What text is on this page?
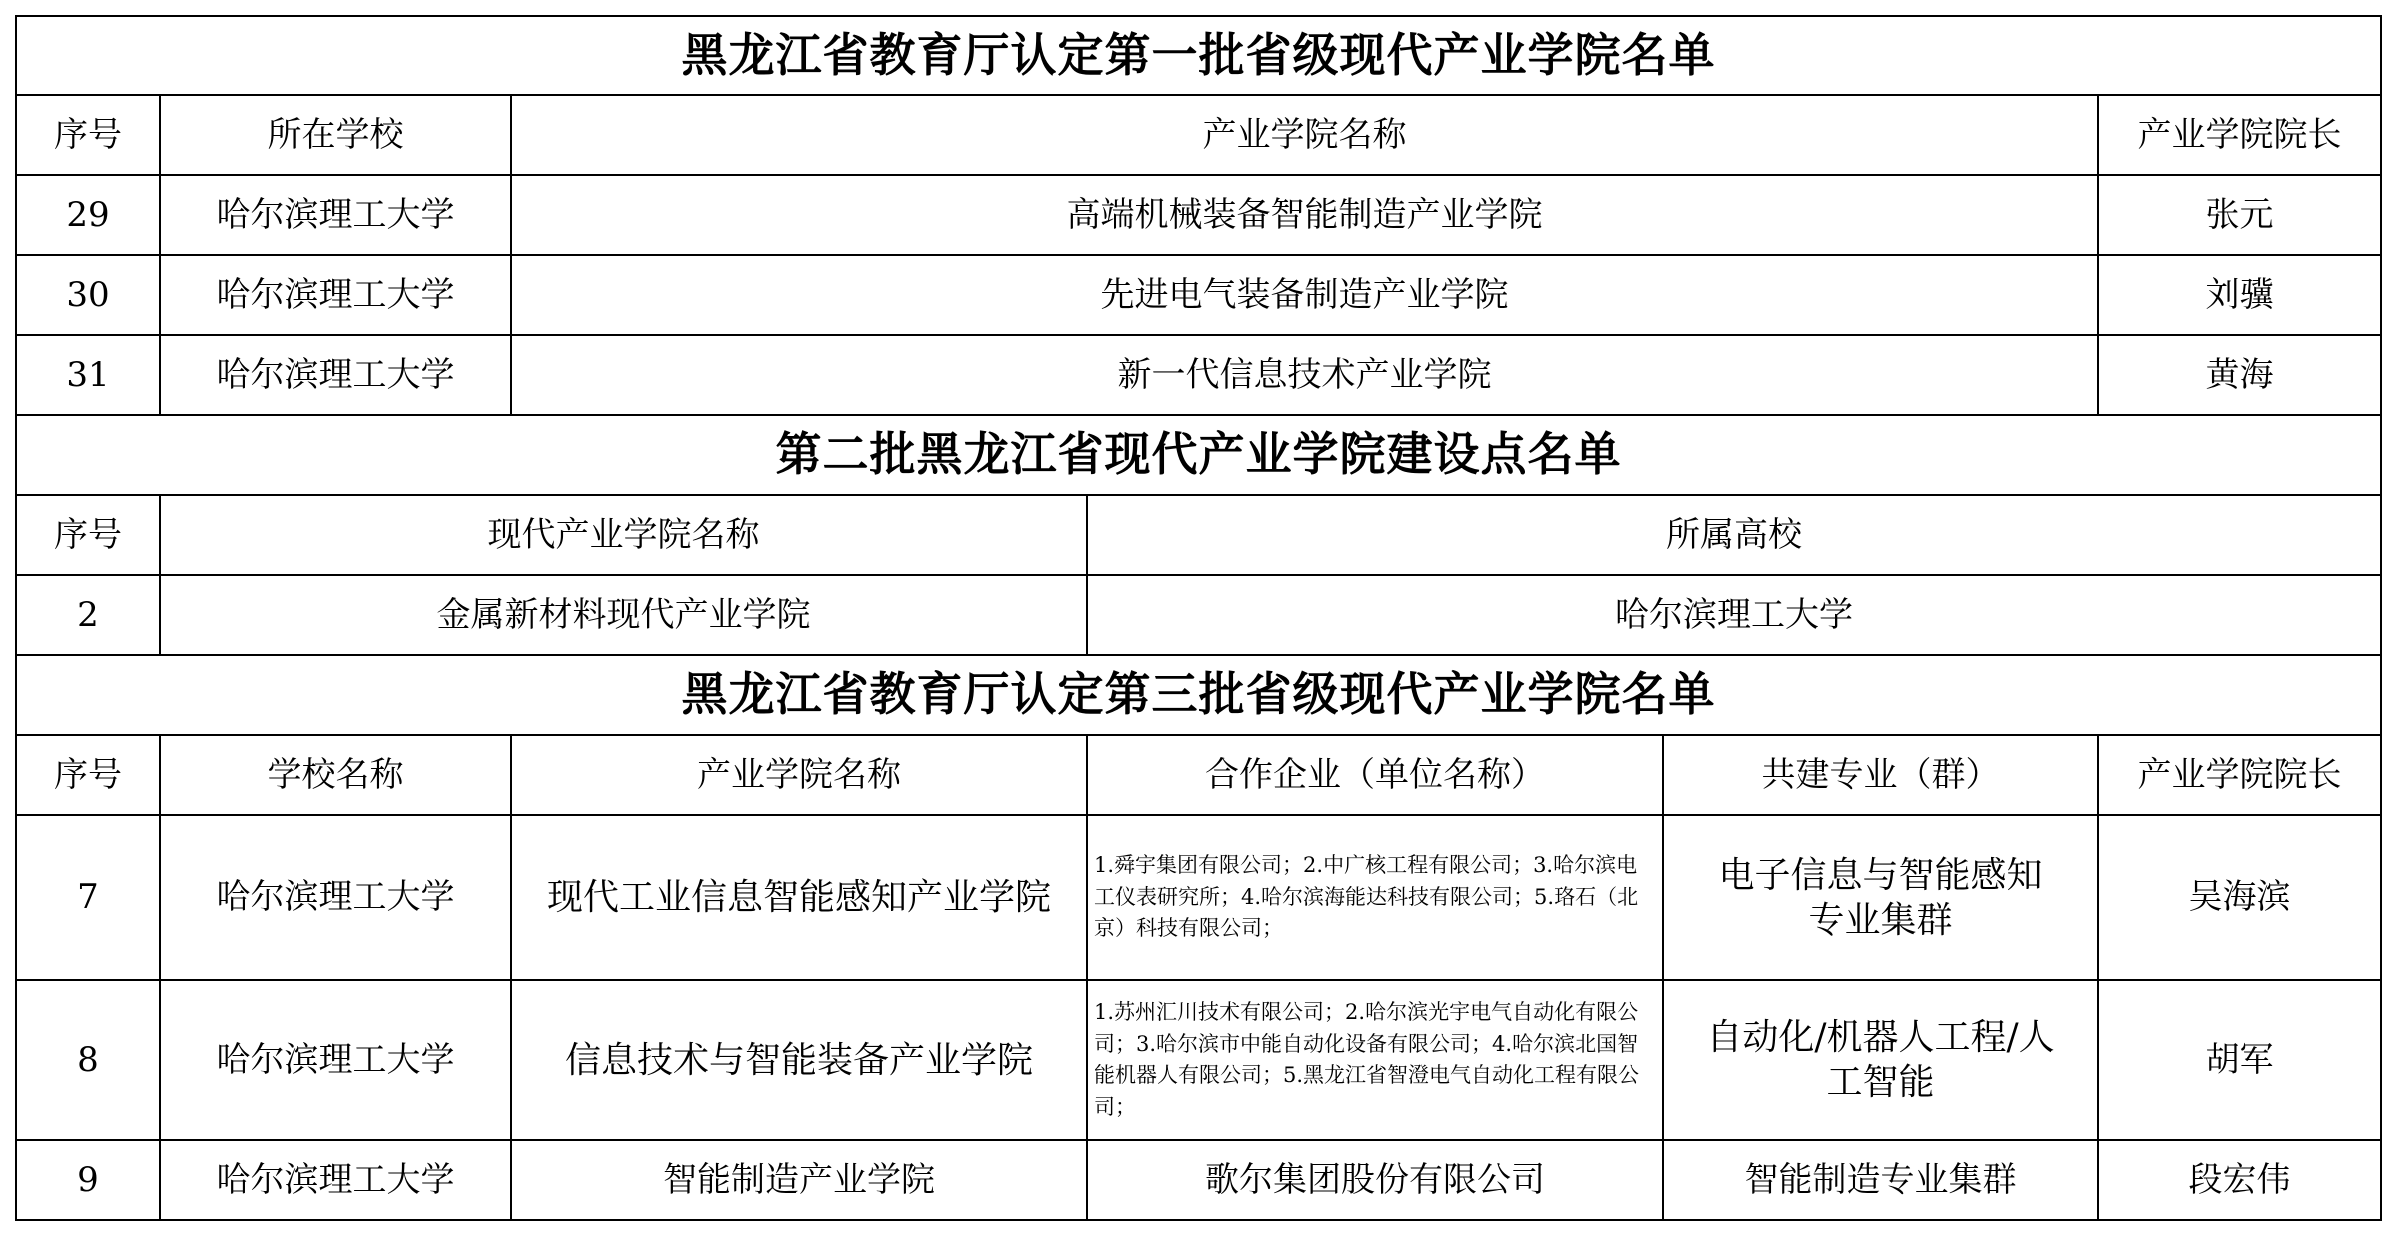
黑龙江省教育厅认定第一批省级现代产业学院名单					
序号	所在学校	产业学院名称			产业学院院长
29	哈尔滨理工大学	高端机械装备智能制造产业学院			张元
30	哈尔滨理工大学	先进电气装备制造产业学院			刘骥
31	哈尔滨理工大学	新一代信息技术产业学院			黄海
第二批黑龙江省现代产业学院建设点名单					
序号	现代产业学院名称		所属高校		
2	金属新材料现代产业学院		哈尔滨理工大学		
黑龙江省教育厅认定第三批省级现代产业学院名单					
序号	学校名称	产业学院名称	合作企业（单位名称）	共建专业（群）	产业学院院长
7	哈尔滨理工大学	现代工业信息智能感知产业学院	1.舜宇集团有限公司；2.中广核工程有限公司；3.哈尔滨电工仪表研究所；4.哈尔滨海能达科技有限公司；5.珞石（北京）科技有限公司；	电子信息与智能感知专业集群	吴海滨
8	哈尔滨理工大学	信息技术与智能装备产业学院	1.苏州汇川技术有限公司；2.哈尔滨光宇电气自动化有限公司；3.哈尔滨市中能自动化设备有限公司；4.哈尔滨北国智能机器人有限公司；5.黑龙江省智澄电气自动化工程有限公司；	自动化/机器人工程/人工智能	胡军
9	哈尔滨理工大学	智能制造产业学院	歌尔集团股份有限公司	智能制造专业集群	段宏伟
